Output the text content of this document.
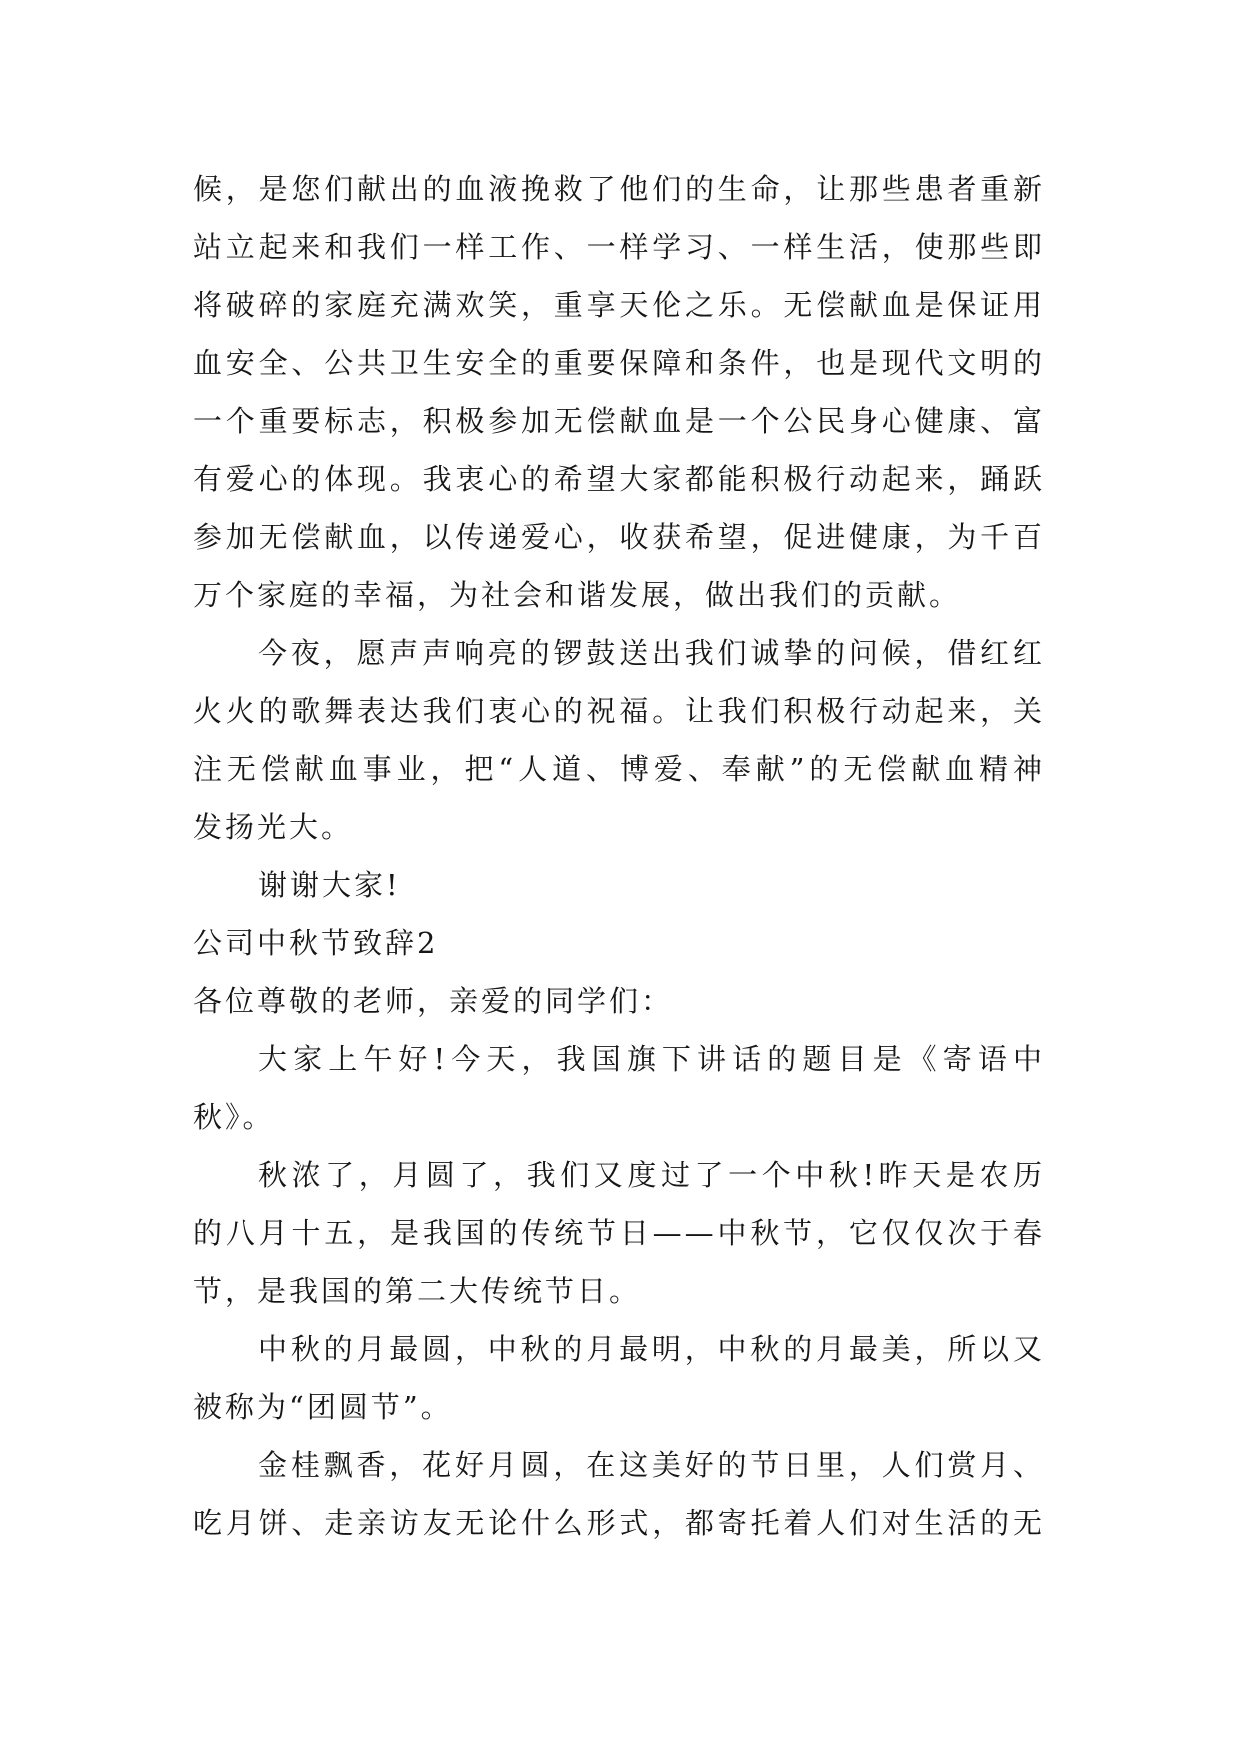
候，是您们献出的血液挽救了他们的生命，让那些患者重新
站立起来和我们一样工作、一样学习、一样生活，使那些即
将破碎的家庭充满欢笑，重享天伦之乐。无偿献血是保证用
血安全、公共卫生安全的重要保障和条件，也是现代文明的
一个重要标志，积极参加无偿献血是一个公民身心健康、富
有爱心的体现。我衷心的希望大家都能积极行动起来，踊跃
参加无偿献血，以传递爱心，收获希望，促进健康，为千百
万个家庭的幸福，为社会和谐发展，做出我们的贡献。
今夜，愿声声响亮的锣鼓送出我们诚挚的问候，借红红
火火的歌舞表达我们衷心的祝福。让我们积极行动起来，关
注无偿献血事业，把“人道、博爱、奉献”的无偿献血精神
发扬光大。
谢谢大家!
公司中秋节致辞2
各位尊敬的老师，亲爱的同学们：
大家上午好!今天，我国旗下讲话的题目是《寄语中
秋》。
秋浓了，月圆了，我们又度过了一个中秋!昨天是农历
的八月十五，是我国的传统节日——中秋节，它仅仅次于春
节，是我国的第二大传统节日。
中秋的月最圆，中秋的月最明，中秋的月最美，所以又
被称为“团圆节”。
金桂飘香，花好月圆，在这美好的节日里，人们赏月、
吃月饼、走亲访友无论什么形式，都寄托着人们对生活的无
